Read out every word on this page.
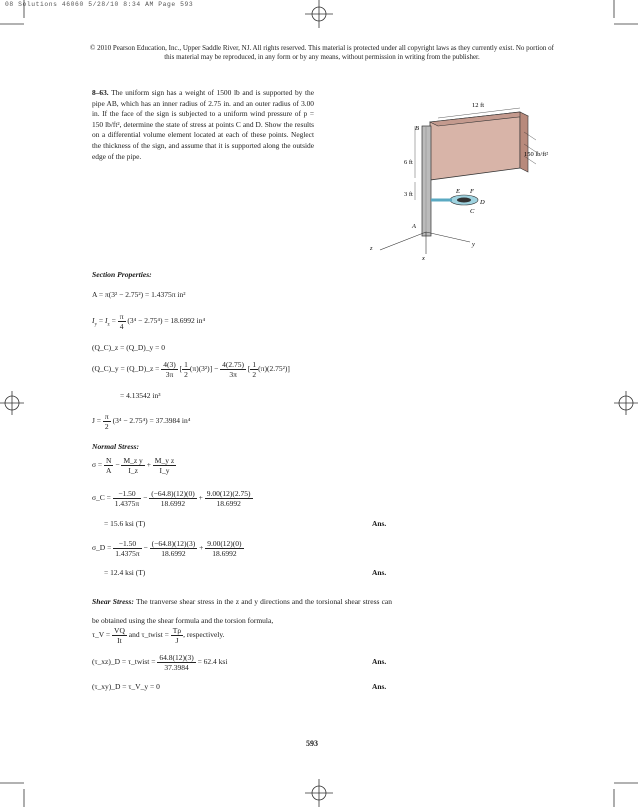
08 Solutions 46060 5/28/10 8:34 AM Page 593
© 2010 Pearson Education, Inc., Upper Saddle River, NJ. All rights reserved. This material is protected under all copyright laws as they currently exist. No portion of this material may be reproduced, in any form or by any means, without permission in writing from the publisher.
8–63. The uniform sign has a weight of 1500 lb and is supported by the pipe AB, which has an inner radius of 2.75 in. and an outer radius of 3.00 in. If the face of the sign is subjected to a uniform wind pressure of p = 150 lb/ft², determine the state of stress at points C and D. Show the results on a differential volume element located at each of these points. Neglect the thickness of the sign, and assume that it is supported along the outside edge of the pipe.
12 ft
150 lb/ft²
6 ft
3 ft
B
A
C
D
E F
x
y
z
Section Properties:
A = π(3² − 2.75²) = 1.4375π in²
$I_y = I_z = \frac{\pi}{4} (3^4 - 2.75^4) = 18.6992$ in⁴
(Q_C)_z = (Q_D)_y = 0
(Q_C)_y = (Q_D)_z = $\frac{4(3)}{3\pi}$ [ $\frac{1}{2} (\pi)(3^2)] - \frac{4(2.75)}{3\pi}$ [ $\frac{1}{2} (\pi)(2.75^2)$]
= 4.13542 in³
$J = \frac{\pi}{2} (3^4 - 2.75^4) = 37.3984$ in⁴
Normal Stress:
$\sigma = \frac{N}{A} - \frac{\text{M\_z y}}{I\_z} + \frac{\text{M\_y z}}{I\_y}$
σ_C = $\frac{-1.50}{1.4375\pi} - \frac{(-64.8)(12)(0)}{18.6992} + \frac{9.00(12)(2.75)}{18.6992}$
= 15.6 ksi (T)	Ans.
σ_D = $\frac{-1.50}{1.4375\pi} - \frac{(-64.8)(12)(3)}{18.6992} + \frac{9.00(12)(0)}{18.6992}$
= 12.4 ksi (T)	Ans.
Shear Stress: The tranverse shear stress in the z and y directions and the torsional shear stress can be obtained using the shear formula and the torsion formula,
τ_V = $\frac{VQ}{It}$ and τ_twist = $\frac{T\rho}{J}$ , respectively.
(τ_xz)_D = τ_twist = $\frac{64.8(12)(3)}{37.3984} = 62.4$ ksi	Ans.
(τ_xy)_D = τ_V_y = 0	Ans.
593
